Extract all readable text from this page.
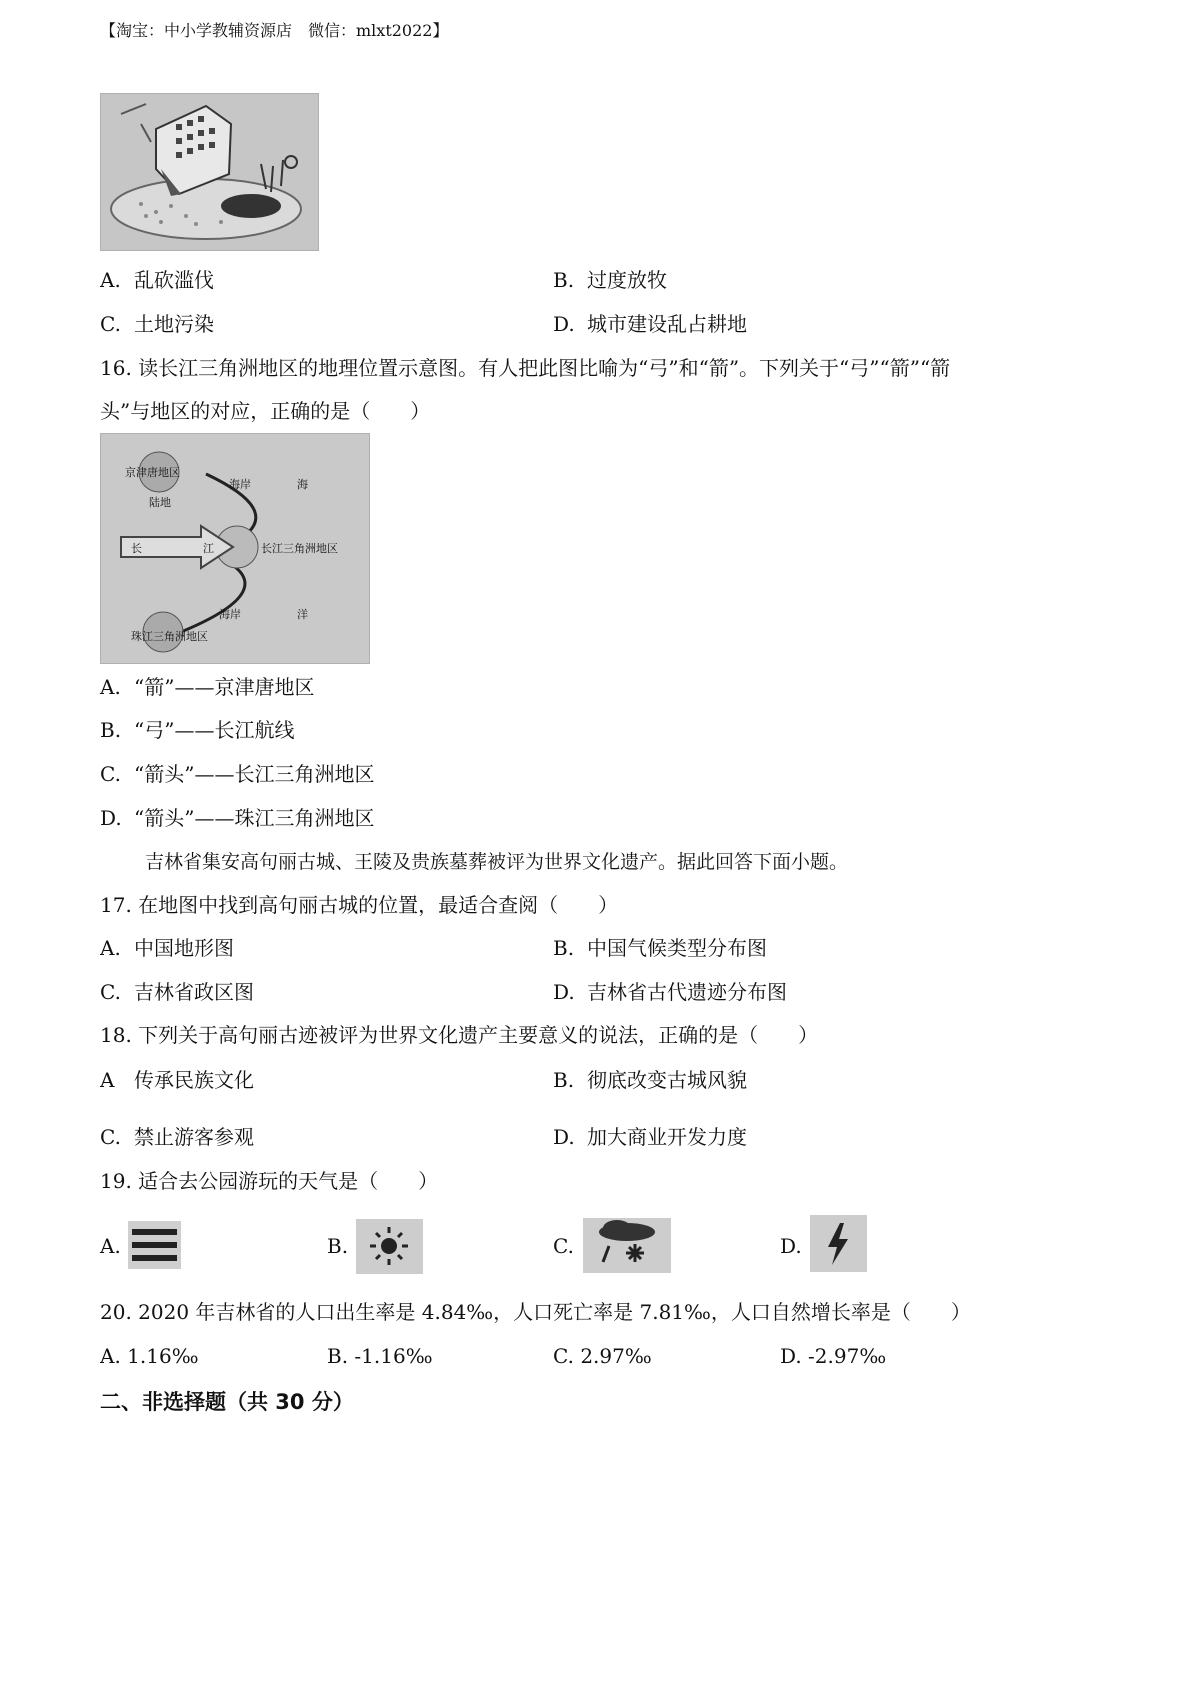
【淘宝：中小学教辅资源店　微信：mlxt2022】
A. 乱砍滥伐	B. 过度放牧
C. 土地污染	D. 城市建设乱占耕地
16. 读长江三角洲地区的地理位置示意图。有人把此图比喻为“弓”和“箭”。下列关于“弓”“箭”“箭
头”与地区的对应，正确的是（　　）
京津唐地区
陆地
海岸	海
长	江	长江三角洲地区
海岸	洋
珠江三角洲地区
A. “箭”——京津唐地区
B. “弓”——长江航线
C. “箭头”——长江三角洲地区
D. “箭头”——珠江三角洲地区
吉林省集安高句丽古城、王陵及贵族墓葬被评为世界文化遗产。据此回答下面小题。
17. 在地图中找到高句丽古城的位置，最适合查阅（　　）
A. 中国地形图	B. 中国气候类型分布图
C. 吉林省政区图	D. 吉林省古代遗迹分布图
18. 下列关于高句丽古迹被评为世界文化遗产主要意义的说法，正确的是（　　）
A 传承民族文化	B. 彻底改变古城风貌
C. 禁止游客参观	D. 加大商业开发力度
19. 适合去公园游玩的天气是（　　）
A.	B.	C.	D.
20. 2020 年吉林省的人口出生率是 4.84‰，人口死亡率是 7.81‰，人口自然增长率是（　　）
A. 1.16‰	B. -1.16‰	C. 2.97‰	D. -2.97‰
二、非选择题（共 30 分）
